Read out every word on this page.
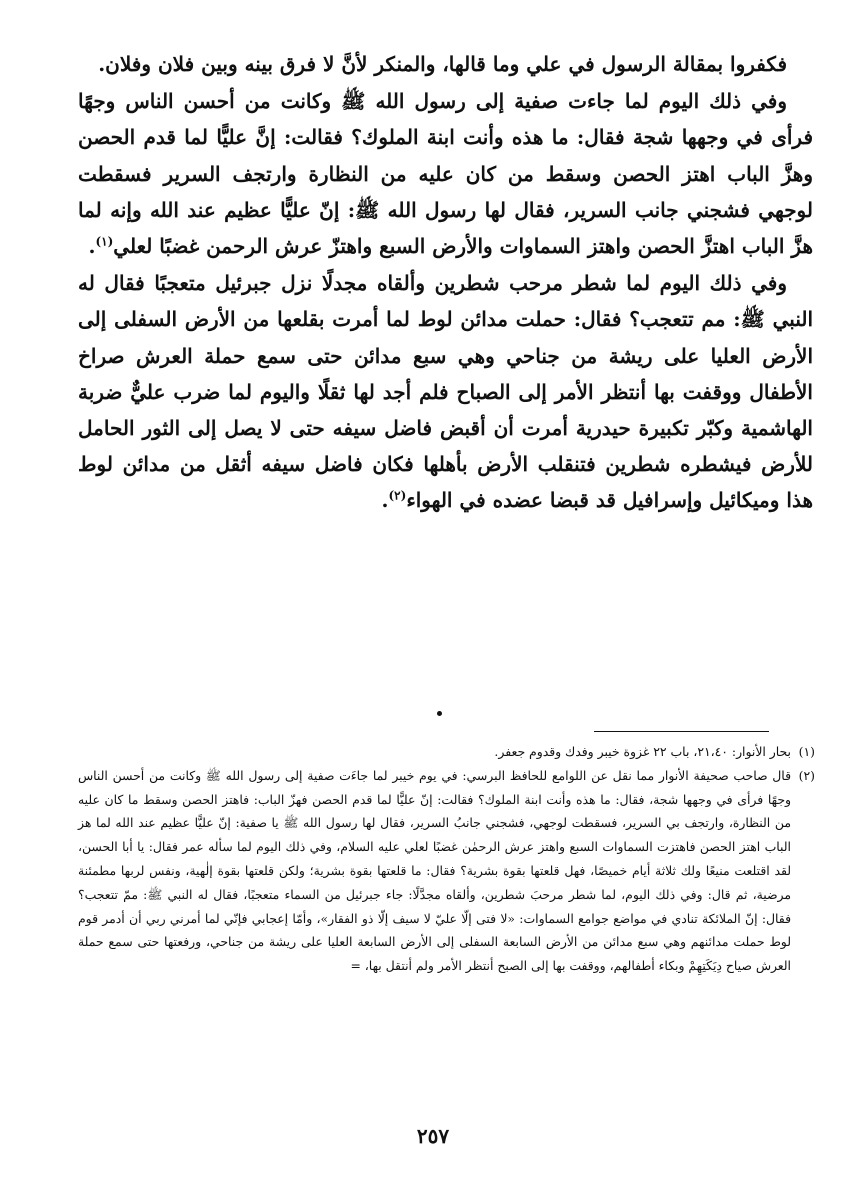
فكفروا بمقالة الرسول في علي وما قالها، والمنكر لأنَّ لا فرق بينه وبين فلان وفلان.

وفي ذلك اليوم لما جاءت صفية إلى رسول الله ﷺ وكانت من أحسن الناس وجهًا فرأى في وجهها شجة فقال: ما هذه وأنت ابنة الملوك؟ فقالت: إنَّ عليًّا لما قدم الحصن وهزَّ الباب اهتز الحصن وسقط من كان عليه من النظارة وارتجف السرير فسقطت لوجهي فشجني جانب السرير، فقال لها رسول الله ﷺ: إنّ عليًّا عظيم عند الله وإنه لما هزَّ الباب اهتزَّ الحصن واهتز السماوات والأرض السبع واهتزّ عرش الرحمن غضبًا لعلي$^{(١)}$.

وفي ذلك اليوم لما شطر مرحب شطرين وألقاه مجدلًا نزل جبرئيل متعجبًا فقال له النبي ﷺ: مم تتعجب؟ فقال: حملت مدائن لوط لما أمرت بقلعها من الأرض السفلى إلى الأرض العليا على ريشة من جناحي وهي سبع مدائن حتى سمع حملة العرش صراخ الأطفال ووقفت بها أنتظر الأمر إلى الصباح فلم أجد لها ثقلًا واليوم لما ضرب عليٌّ ضربة الهاشمية وكبّر تكبيرة حيدرية أمرت أن أقبض فاضل سيفه حتى لا يصل إلى الثور الحامل للأرض فيشطره شطرين فتنقلب الأرض بأهلها فكان فاضل سيفه أثقل من مدائن لوط هذا وميكائيل وإسرافيل قد قبضا عضده في الهواء$^{(٢)}$.

(١)
بحار الأنوار: ٢١،٤٠، باب ٢٢ غزوة خيبر وفدك وقدوم جعفر.

(٢)
قال صاحب صحيفة الأنوار مما نقل عن اللوامع للحافظ البرسي: في يوم خيبر لما جاءَت صفية إلى رسول الله ﷺ وكانت من أحسن الناس وجهًا فرأى في وجهها شجة، فقال: ما هذه وأنت ابنة الملوك؟ فقالت: إنّ عليًّا لما قدم الحصن فهزّ الباب: فاهتز الحصن وسقط ما كان عليه من النظارة، وارتجف بي السرير، فسقطت لوجهي، فشجني جانبُ السرير، فقال لها رسول الله ﷺ يا صفية: إنّ عليًّا عظيم عند الله لما هز الباب اهتز الحصن فاهتزت السماوات السبع واهتز عرش الرحمٰن غضبًا لعلي عليه السلام، وفي ذلك اليوم لما سأله عمر فقال: يا أبا الحسن، لقد اقتلعت منيعًا ولك ثلاثة أيام خميصًا، فهل قلعتها بقوة بشرية؟ فقال: ما قلعتها بقوة بشرية؛ ولكن قلعتها بقوة إلٰهية، ونفس لربها مطمئنة مرضية، ثم قال: وفي ذلك اليوم، لما شطر مرحبَ شطرين، وألقاه مجدَّلًا: جاء جبرئيل من السماء متعجبًا، فقال له النبي ﷺ: ممّ تتعجب؟ فقال: إنّ الملائكة تنادي في مواضع جوامع السماوات: «لا فتى إلّا عليّ لا سيف إلّا ذو الفقار»، وأمّا إعجابي فإنّي لما أمرني ربي أن أدمر قوم لوط حملت مدائنهم وهي سبع مدائن من الأرض السابعة السفلى إلى الأرض السابعة العليا على ريشة من جناحي، ورفعتها حتى سمع حملة العرش صياح دِيَكَتِهِمْ وبكاء أطفالهم، ووقفت بها إلى الصبح أنتظر الأمر ولم أنتقل بها، =

٢٥٧
